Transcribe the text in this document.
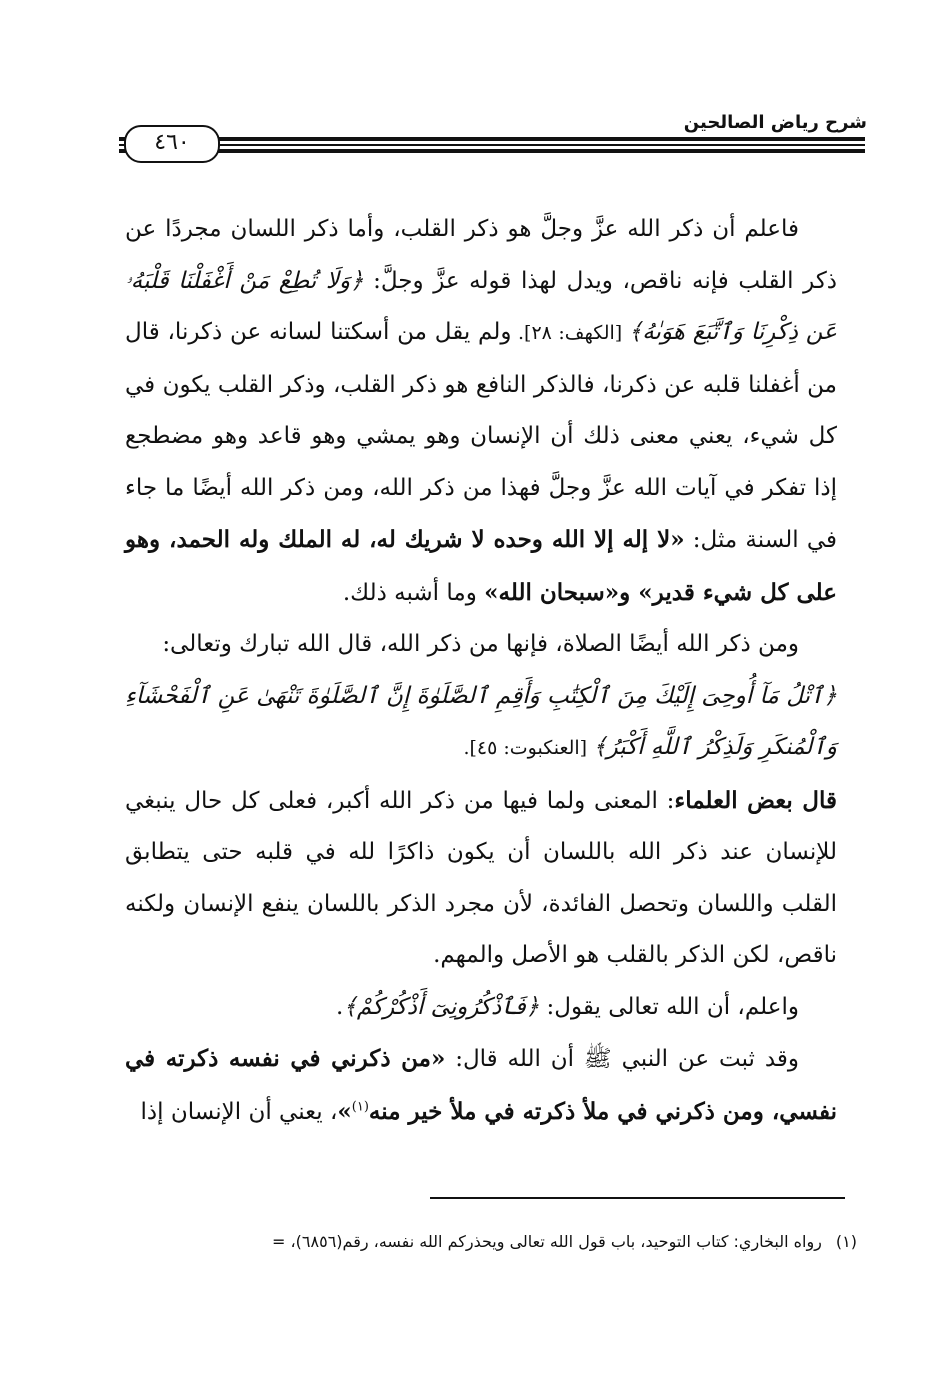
شرح رياض الصالحين
٤٦٠

فاعلم أن ذكر الله عزَّ وجلَّ هو ذكر القلب، وأما ذكر اللسان مجردًا عن ذكر القلب فإنه ناقص، ويدل لهذا قوله عزَّ وجلَّ: ﴿وَلَا تُطِعْ مَنْ أَغْفَلْنَا قَلْبَهُۥ عَن ذِكْرِنَا وَٱتَّبَعَ هَوَىٰهُ﴾ [الكهف: ٢٨]. ولم يقل من أسكتنا لسانه عن ذكرنا، قال من أغفلنا قلبه عن ذكرنا، فالذكر النافع هو ذكر القلب، وذكر القلب يكون في كل شيء، يعني معنى ذلك أن الإنسان وهو يمشي وهو قاعد وهو مضطجع إذا تفكر في آيات الله عزَّ وجلَّ فهذا من ذكر الله، ومن ذكر الله أيضًا ما جاء في السنة مثل: «لا إله إلا الله وحده لا شريك له، له الملك وله الحمد، وهو على كل شيء قدير» و«سبحان الله» وما أشبه ذلك.

ومن ذكر الله أيضًا الصلاة، فإنها من ذكر الله، قال الله تبارك وتعالى:

﴿ٱتْلُ مَآ أُوحِىَ إِلَيْكَ مِنَ ٱلْكِتَٰبِ وَأَقِمِ ٱلصَّلَوٰةَ إِنَّ ٱلصَّلَوٰةَ تَنْهَىٰ عَنِ ٱلْفَحْشَآءِ وَٱلْمُنكَرِ وَلَذِكْرُ ٱللَّهِ أَكْبَرُ﴾ [العنكبوت: ٤٥].

قال بعض العلماء: المعنى ولما فيها من ذكر الله أكبر، فعلى كل حال ينبغي للإنسان عند ذكر الله باللسان أن يكون ذاكرًا لله في قلبه حتى يتطابق القلب واللسان وتحصل الفائدة، لأن مجرد الذكر باللسان ينفع الإنسان ولكنه ناقص، لكن الذكر بالقلب هو الأصل والمهم.

واعلم، أن الله تعالى يقول: ﴿فَٱذْكُرُونِىٓ أَذْكُرْكُمْ﴾.

وقد ثبت عن النبي ﷺ أن الله قال: «من ذكرني في نفسه ذكرته في نفسي، ومن ذكرني في ملأ ذكرته في ملأ خير منه$^{(١)}$»، يعني أن الإنسان إذا

(١)رواه البخاري: كتاب التوحيد، باب قول الله تعالى ويحذركم الله نفسه، رقم(٦٨٥٦)، =
